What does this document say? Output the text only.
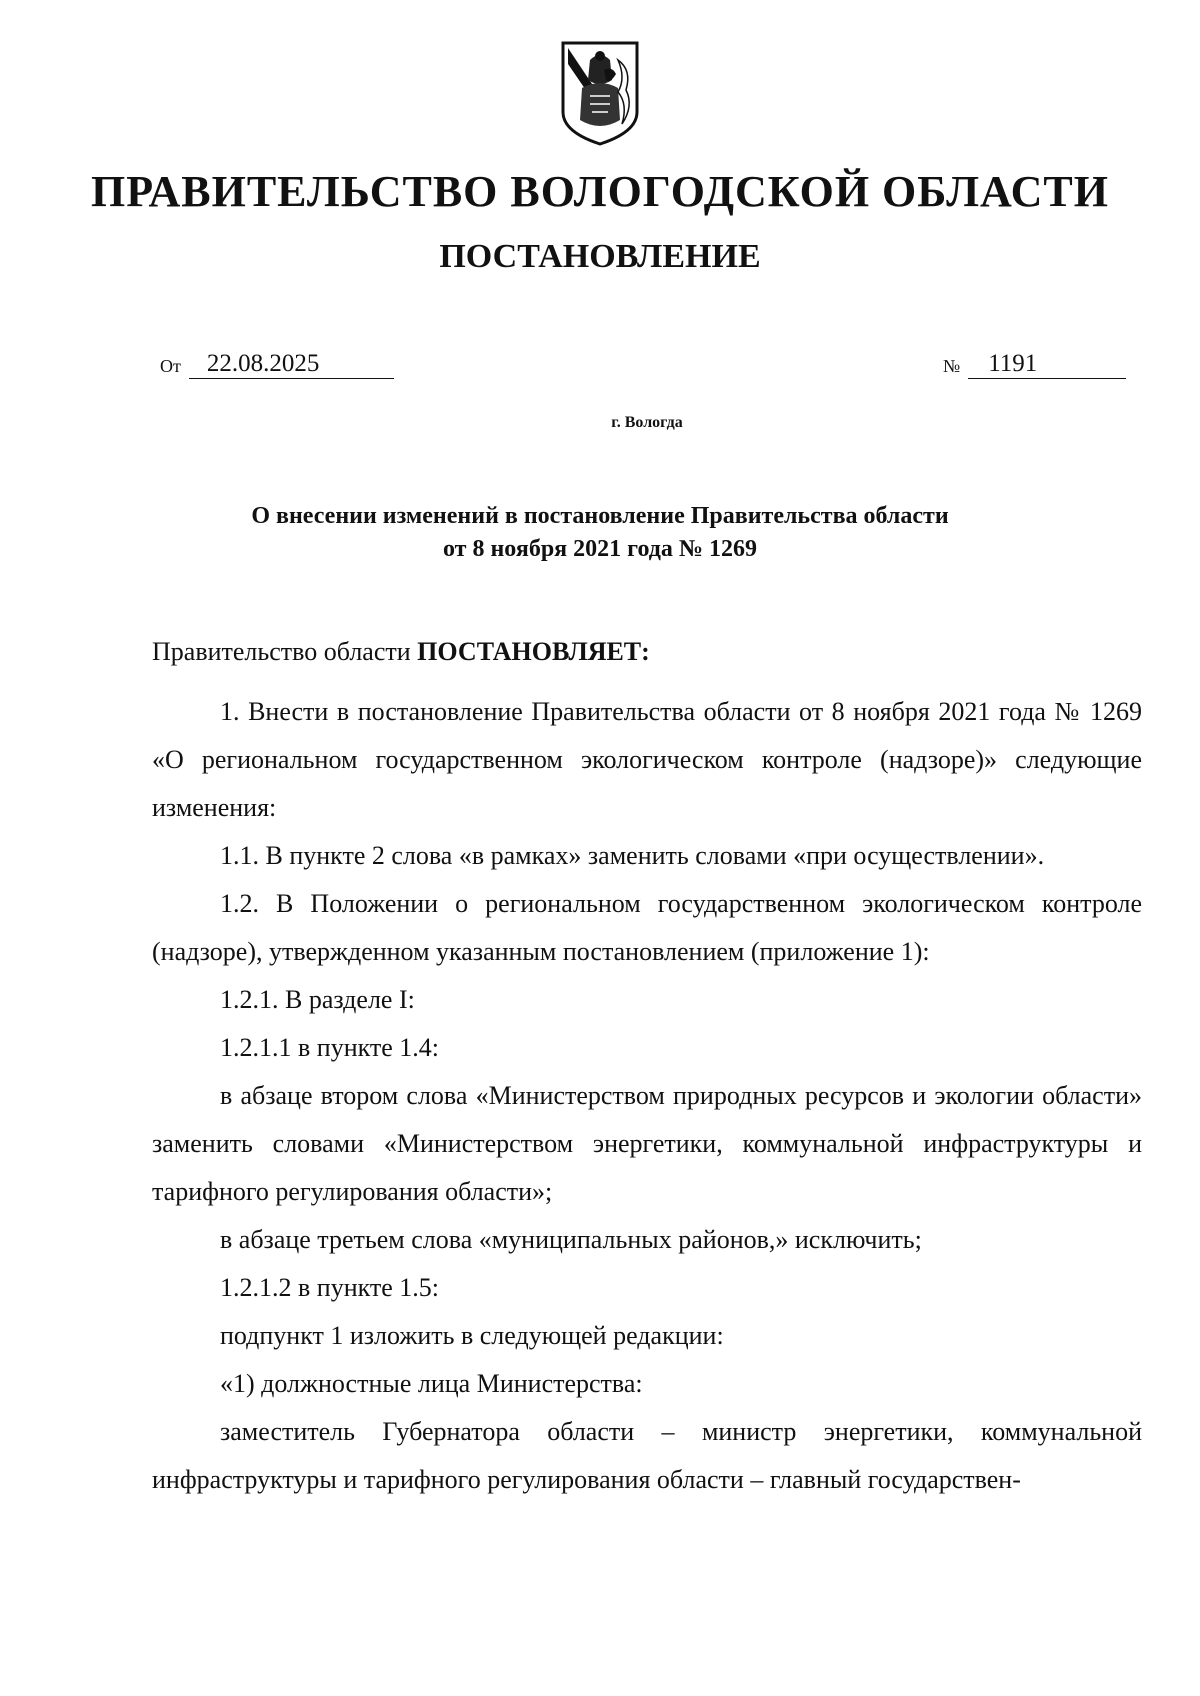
ПРАВИТЕЛЬСТВО ВОЛОГОДСКОЙ ОБЛАСТИ
ПОСТАНОВЛЕНИЕ
От	22.08.2025	№	1191
г. Вологда
О внесении изменений в постановление Правительства области
от 8 ноября 2021 года № 1269

Правительство области ПОСТАНОВЛЯЕТ:

1. Внести в постановление Правительства области от 8 ноября 2021 года № 1269 «О региональном государственном экологическом контроле (надзоре)» следующие изменения:

1.1. В пункте 2 слова «в рамках» заменить словами «при осуществлении».

1.2. В Положении о региональном государственном экологическом контроле (надзоре), утвержденном указанным постановлением (приложение 1):

1.2.1. В разделе I:

1.2.1.1 в пункте 1.4:

в абзаце втором слова «Министерством природных ресурсов и экологии области» заменить словами «Министерством энергетики, коммунальной инфраструктуры и тарифного регулирования области»;

в абзаце третьем слова «муниципальных районов,» исключить;

1.2.1.2 в пункте 1.5:

подпункт 1 изложить в следующей редакции:

«1) должностные лица Министерства:

заместитель Губернатора области – министр энергетики, коммунальной инфраструктуры и тарифного регулирования области – главный государствен-
